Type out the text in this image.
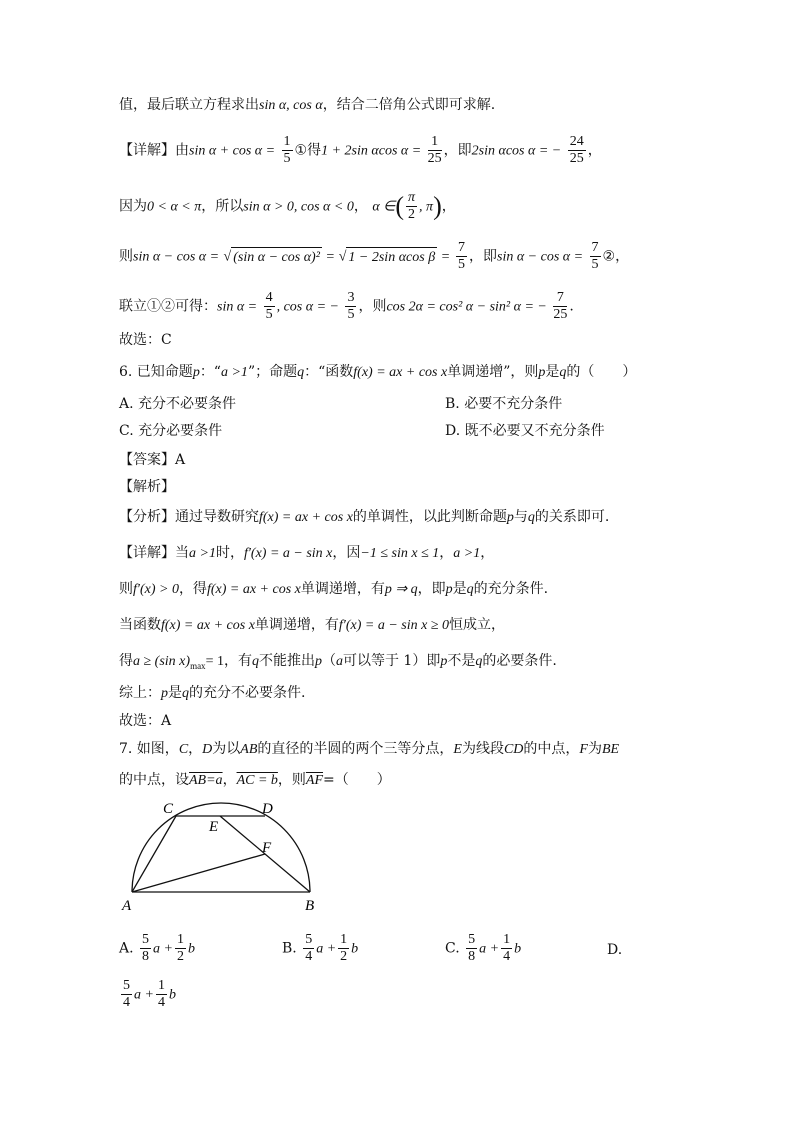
值，最后联立方程求出sin α, cos α，结合二倍角公式即可求解.
【详解】由$\sin \alpha + \cos \alpha = \frac{1}{5}$ ①得1 + 2sin αcos $\alpha = \frac{1}{25}$ ，即2sin αcos α = − $\frac{24}{25}$ ，
因为0 < α < π，所以sin α > 0, cos α < 0， α ∈( $\frac{\pi}{2}$ , π)，
则sin α − cos α = √ (sin α − cos α)² = √ 1 − 2sin αcos $\beta = \frac{7}{5}$ ，即$\sin \alpha - \cos \alpha = \frac{7}{5}$ ②，
联立①②可得：$\sin \alpha = \frac{4}{5}$ , cos α = − $\frac{3}{5}$ ，则cos 2α = cos² α − sin² α = − $\frac{7}{25}$ .
故选：C
6. 已知命题p：“a >1”；命题q：“函数f(x) = ax + cos x单调递增”，则p是q的（　　）
A. 充分不必要条件	B. 必要不充分条件
C. 充分必要条件	D. 既不必要又不充分条件
【答案】A
【解析】
【分析】通过导数研究f(x) = ax + cos x的单调性，以此判断命题p与q的关系即可.
【详解】当a >1时，f′(x) = a − sin x，因−1 ≤ sin x ≤ 1，a >1，
则f′(x) > 0，得f(x) = ax + cos x单调递增，有p ⇒ q，即p是q的充分条件.
当函数f(x) = ax + cos x单调递增，有f′(x) = a − sin x ≥ 0恒成立，
得a ≥ (sin $x)_{max}= 1$，有q不能推出p（a可以等于 1）即p不是q的必要条件.
综上：p是q的充分不必要条件.
故选：A
7. 如图，C，D为以AB的直径的半圆的两个三等分点，E为线段CD的中点，F为BE
的中点，设AB=a，AC = b，则$\overline{AF}=$（　　）
C	D
E
F
A	B
A. $\frac{5}{8}$ $a + \frac{1}{2}$ b	B. $\frac{5}{4}$ $a + \frac{1}{2}$ b	C. $\frac{5}{8}$ $a + \frac{1}{4}$ b	D.
$\frac{5}{4}$ $a + \frac{1}{4}$ b
